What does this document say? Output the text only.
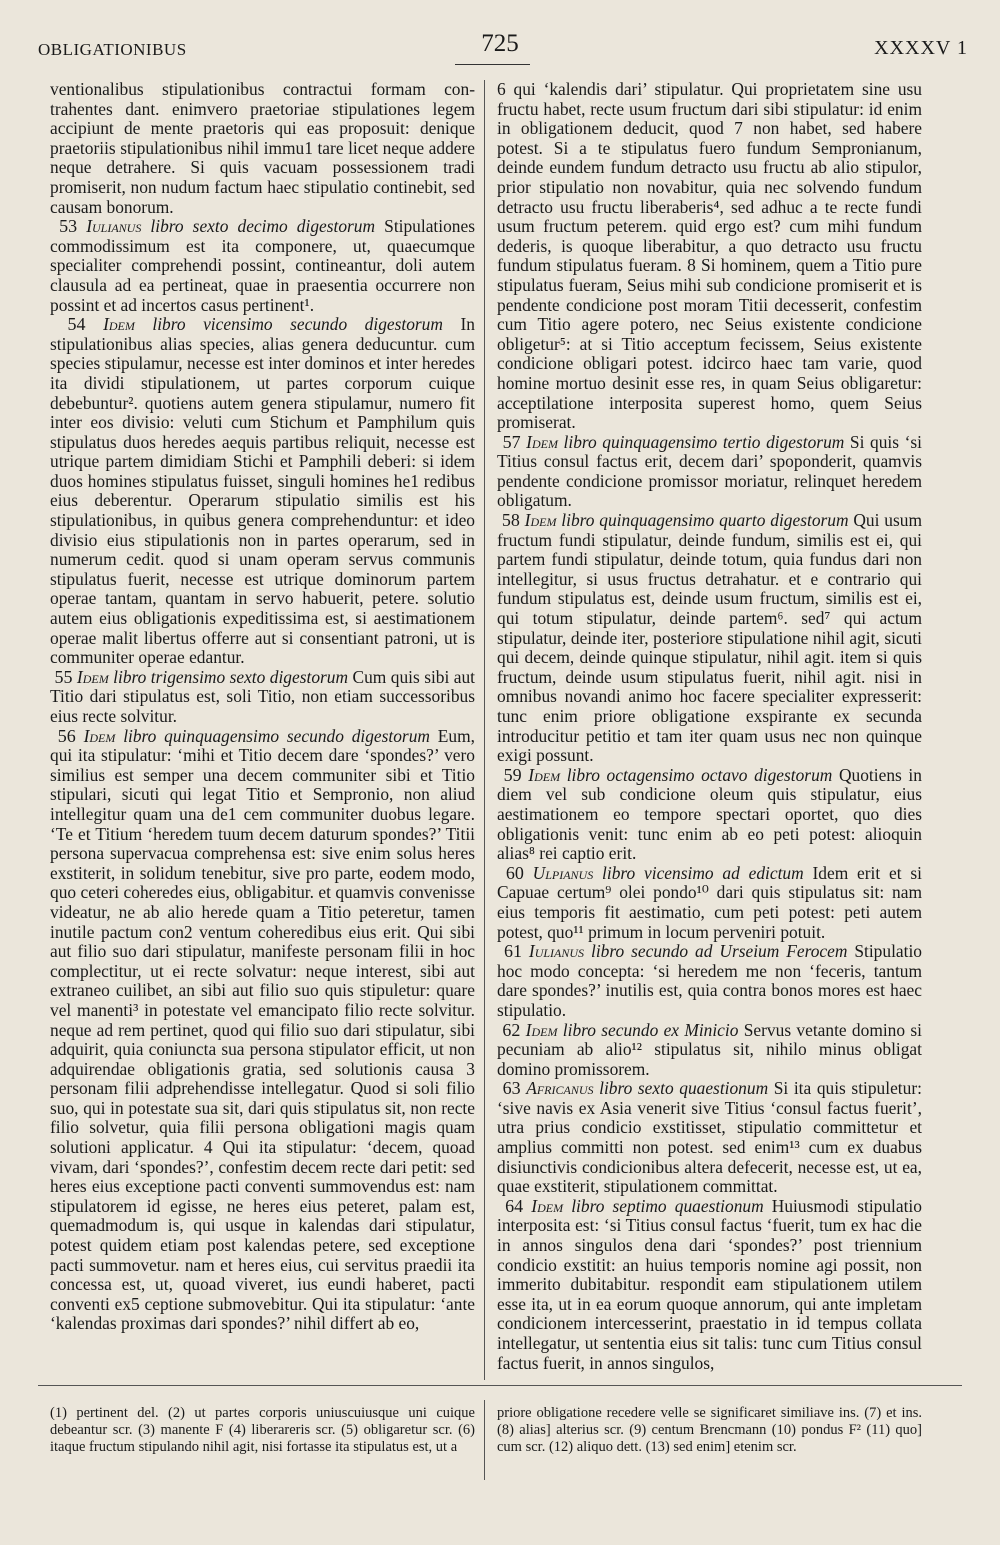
OBLIGATIONIBUS	725	XXXXV 1

ventionalibus stipulationibus contractui formam contrahentes dant. enimvero praetoriae stipulationes legem accipiunt de mente praetoris qui eas proposuit: denique praetoriis stipulationibus nihil immu1 tare licet neque addere neque detrahere. Si quis vacuam possessionem tradi promiserit, non nudum factum haec stipulatio continebit, sed causam bonorum.

53 Iulianus libro sexto decimo digestorum Stipulationes commodissimum est ita componere, ut, quaecumque specialiter comprehendi possint, contineantur, doli autem clausula ad ea pertineat, quae in praesentia occurrere non possint et ad incertos casus pertinent¹.

54 Idem libro vicensimo secundo digestorum In stipulationibus alias species, alias genera deducuntur. cum species stipulamur, necesse est inter dominos et inter heredes ita dividi stipulationem, ut partes corporum cuique debebuntur². quotiens autem genera stipulamur, numero fit inter eos divisio: veluti cum Stichum et Pamphilum quis stipulatus duos heredes aequis partibus reliquit, necesse est utrique partem dimidiam Stichi et Pamphili deberi: si idem duos homines stipulatus fuisset, singuli homines he1 redibus eius deberentur. Operarum stipulatio similis est his stipulationibus, in quibus genera comprehenduntur: et ideo divisio eius stipulationis non in partes operarum, sed in numerum cedit. quod si unam operam servus communis stipulatus fuerit, necesse est utrique dominorum partem operae tantam, quantam in servo habuerit, petere. solutio autem eius obligationis expeditissima est, si aestimationem operae malit libertus offerre aut si consentiant patroni, ut is communiter operae edantur.

55 Idem libro trigensimo sexto digestorum Cum quis sibi aut Titio dari stipulatus est, soli Titio, non etiam successoribus eius recte solvitur.

56 Idem libro quinquagensimo secundo digestorum Eum, qui ita stipulatur: ‘mihi et Titio decem dare ‘spondes?’ vero similius est semper una decem communiter sibi et Titio stipulari, sicuti qui legat Titio et Sempronio, non aliud intellegitur quam una de1 cem communiter duobus legare. ‘Te et Titium ‘heredem tuum decem daturum spondes?’ Titii persona supervacua comprehensa est: sive enim solus heres exstiterit, in solidum tenebitur, sive pro parte, eodem modo, quo ceteri coheredes eius, obligabitur. et quamvis convenisse videatur, ne ab alio herede quam a Titio peteretur, tamen inutile pactum con2 ventum coheredibus eius erit. Qui sibi aut filio suo dari stipulatur, manifeste personam filii in hoc complectitur, ut ei recte solvatur: neque interest, sibi aut extraneo cuilibet, an sibi aut filio suo quis stipuletur: quare vel manenti³ in potestate vel emancipato filio recte solvitur. neque ad rem pertinet, quod qui filio suo dari stipulatur, sibi adquirit, quia coniuncta sua persona stipulator efficit, ut non adquirendae obligationis gratia, sed solutionis causa 3 personam filii adprehendisse intellegatur. Quod si soli filio suo, qui in potestate sua sit, dari quis stipulatus sit, non recte filio solvetur, quia filii persona obligationi magis quam solutioni applicatur. 4 Qui ita stipulatur: ‘decem, quoad vivam, dari ‘spondes?’, confestim decem recte dari petit: sed heres eius exceptione pacti conventi summovendus est: nam stipulatorem id egisse, ne heres eius peteret, palam est, quemadmodum is, qui usque in kalendas dari stipulatur, potest quidem etiam post kalendas petere, sed exceptione pacti summovetur. nam et heres eius, cui servitus praedii ita concessa est, ut, quoad viveret, ius eundi haberet, pacti conventi ex5 ceptione submovebitur. Qui ita stipulatur: ‘ante ‘kalendas proximas dari spondes?’ nihil differt ab eo,

6 qui ‘kalendis dari’ stipulatur. Qui proprietatem sine usu fructu habet, recte usum fructum dari sibi stipulatur: id enim in obligationem deducit, quod 7 non habet, sed habere potest. Si a te stipulatus fuero fundum Sempronianum, deinde eundem fundum detracto usu fructu ab alio stipulor, prior stipulatio non novabitur, quia nec solvendo fundum detracto usu fructu liberaberis⁴, sed adhuc a te recte fundi usum fructum peterem. quid ergo est? cum mihi fundum dederis, is quoque liberabitur, a quo detracto usu fructu fundum stipulatus fueram. 8 Si hominem, quem a Titio pure stipulatus fueram, Seius mihi sub condicione promiserit et is pendente condicione post moram Titii decesserit, confestim cum Titio agere potero, nec Seius existente condicione obligetur⁵: at si Titio acceptum fecissem, Seius existente condicione obligari potest. idcirco haec tam varie, quod homine mortuo desinit esse res, in quam Seius obligaretur: acceptilatione interposita superest homo, quem Seius promiserat.

57 Idem libro quinquagensimo tertio digestorum Si quis ‘si Titius consul factus erit, decem dari’ spoponderit, quamvis pendente condicione promissor moriatur, relinquet heredem obligatum.

58 Idem libro quinquagensimo quarto digestorum Qui usum fructum fundi stipulatur, deinde fundum, similis est ei, qui partem fundi stipulatur, deinde totum, quia fundus dari non intellegitur, si usus fructus detrahatur. et e contrario qui fundum stipulatus est, deinde usum fructum, similis est ei, qui totum stipulatur, deinde partem⁶. sed⁷ qui actum stipulatur, deinde iter, posteriore stipulatione nihil agit, sicuti qui decem, deinde quinque stipulatur, nihil agit. item si quis fructum, deinde usum stipulatus fuerit, nihil agit. nisi in omnibus novandi animo hoc facere specialiter expresserit: tunc enim priore obligatione exspirante ex secunda introducitur petitio et tam iter quam usus nec non quinque exigi possunt.

59 Idem libro octagensimo octavo digestorum Quotiens in diem vel sub condicione oleum quis stipulatur, eius aestimationem eo tempore spectari oportet, quo dies obligationis venit: tunc enim ab eo peti potest: alioquin alias⁸ rei captio erit.

60 Ulpianus libro vicensimo ad edictum Idem erit et si Capuae certum⁹ olei pondo¹⁰ dari quis stipulatus sit: nam eius temporis fit aestimatio, cum peti potest: peti autem potest, quo¹¹ primum in locum perveniri potuit.

61 Iulianus libro secundo ad Urseium Ferocem Stipulatio hoc modo concepta: ‘si heredem me non ‘feceris, tantum dare spondes?’ inutilis est, quia contra bonos mores est haec stipulatio.

62 Idem libro secundo ex Minicio Servus vetante domino si pecuniam ab alio¹² stipulatus sit, nihilo minus obligat domino promissorem.

63 Africanus libro sexto quaestionum Si ita quis stipuletur: ‘sive navis ex Asia venerit sive Titius ‘consul factus fuerit’, utra prius condicio exstitisset, stipulatio committetur et amplius committi non potest. sed enim¹³ cum ex duabus disiunctivis condicionibus altera defecerit, necesse est, ut ea, quae exstiterit, stipulationem committat.

64 Idem libro septimo quaestionum Huiusmodi stipulatio interposita est: ‘si Titius consul factus ‘fuerit, tum ex hac die in annos singulos dena dari ‘spondes?’ post triennium condicio exstitit: an huius temporis nomine agi possit, non immerito dubitabitur. respondit eam stipulationem utilem esse ita, ut in ea eorum quoque annorum, qui ante impletam condicionem intercesserint, praestatio in id tempus collata intellegatur, ut sententia eius sit talis: tunc cum Titius consul factus fuerit, in annos singulos,

(1) pertinent del. (2) ut partes corporis uniuscuiusque uni cuique debeantur scr. (3) manente F (4) liberareris scr. (5) obligaretur scr. (6) itaque fructum stipulando nihil agit, nisi fortasse ita stipulatus est, ut a
priore obligatione recedere velle se significaret similiave ins. (7) et ins. (8) alias] alterius scr. (9) centum Brencmann (10) pondus F² (11) quo] cum scr. (12) aliquo dett. (13) sed enim] etenim scr.
